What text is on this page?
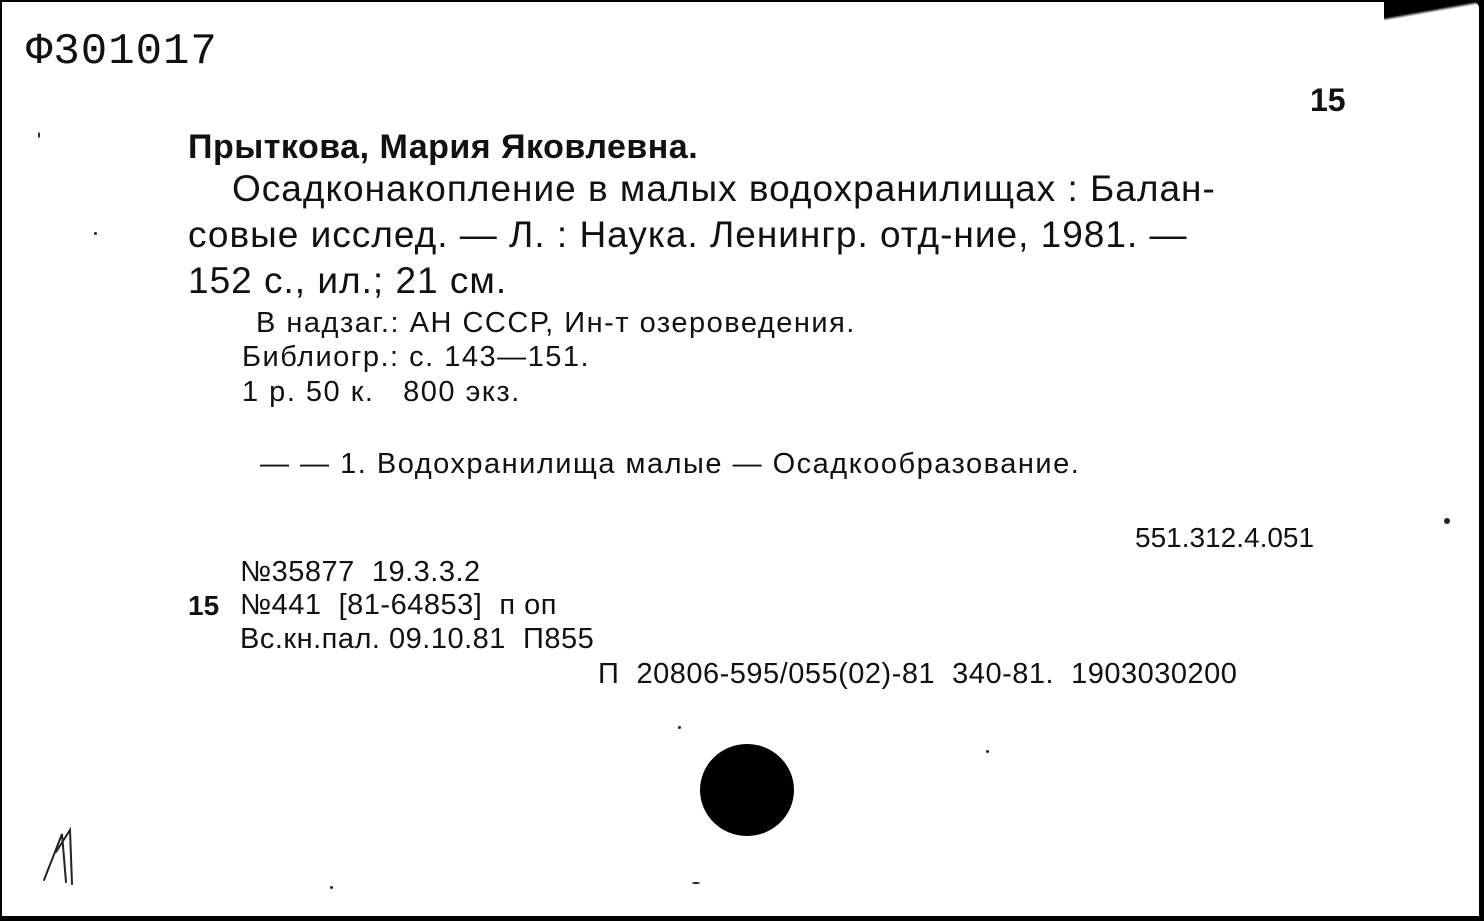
Ф301017
15
Прыткова, Мария Яковлевна.
Осадконакопление в малых водохранилищах : Балан-
совые исслед. — Л. : Наука. Ленингр. отд-ние, 1981. —
152 с., ил.; 21 см.
В надзаг.: АН СССР, Ин-т озероведения.
Библиогр.: с. 143—151.
1 р. 50 к.   800 экз.
— — 1. Водохранилища малые — Осадкообразование.
551.312.4.051
№35877  19.3.3.2
15 №441  [81-64853]  п оп
Вс.кн.пал. 09.10.81  П855
П  20806-595/055(02)-81  340-81.  1903030200
